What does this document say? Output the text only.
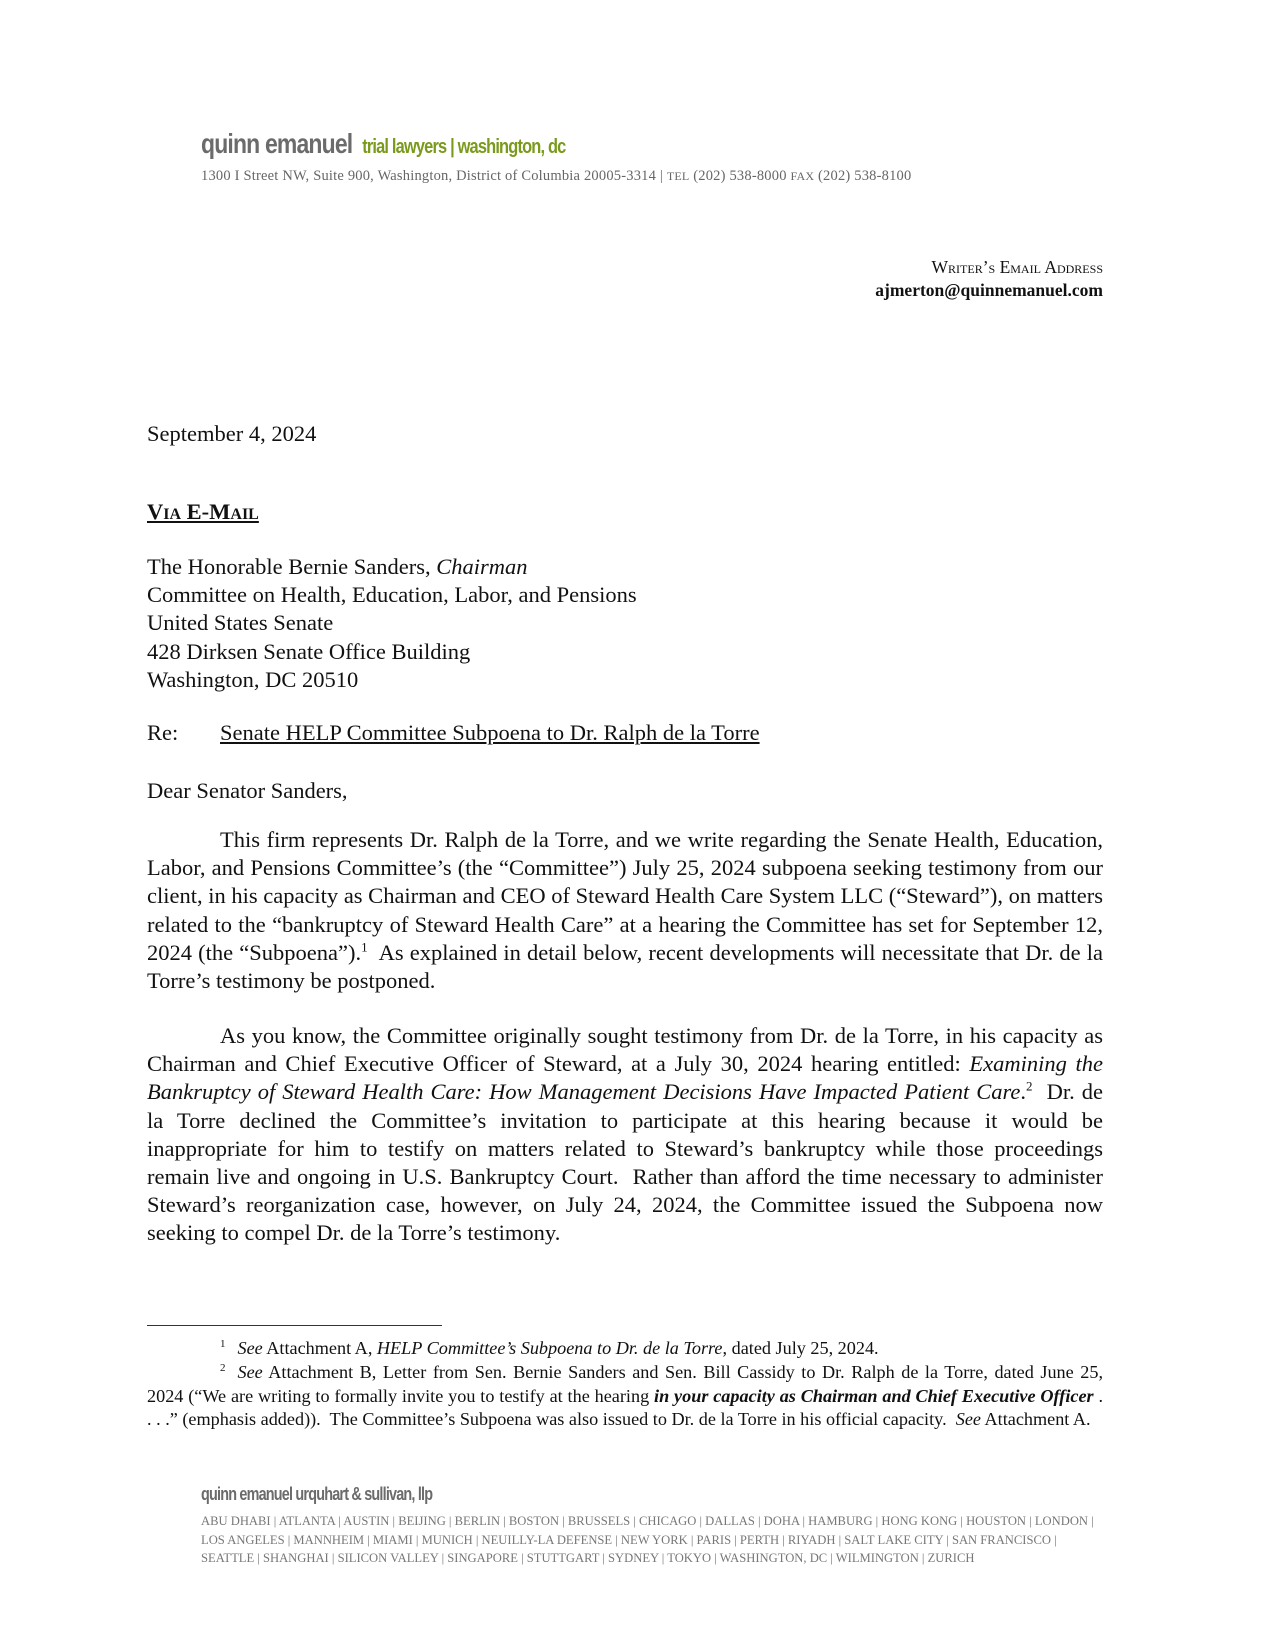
quinn emanuel trial lawyers | washington, dc
1300 I Street NW, Suite 900, Washington, District of Columbia 20005-3314 | TEL (202) 538-8000 FAX (202) 538-8100
Writer’s Email Address
ajmerton@quinnemanuel.com
September 4, 2024
Via E-Mail
The Honorable Bernie Sanders, Chairman
Committee on Health, Education, Labor, and Pensions
United States Senate
428 Dirksen Senate Office Building
Washington, DC 20510
Re: Senate HELP Committee Subpoena to Dr. Ralph de la Torre
Dear Senator Sanders,
This firm represents Dr. Ralph de la Torre, and we write regarding the Senate Health, Education, Labor, and Pensions Committee’s (the “Committee”) July 25, 2024 subpoena seeking testimony from our client, in his capacity as Chairman and CEO of Steward Health Care System LLC (“Steward”), on matters related to the “bankruptcy of Steward Health Care” at a hearing the Committee has set for September 12, 2024 (the “Subpoena”).$^1$  As explained in detail below, recent developments will necessitate that Dr. de la Torre’s testimony be postponed.
As you know, the Committee originally sought testimony from Dr. de la Torre, in his capacity as Chairman and Chief Executive Officer of Steward, at a July 30, 2024 hearing entitled: Examining the Bankruptcy of Steward Health Care: How Management Decisions Have Impacted Patient Care.$^2$  Dr. de la Torre declined the Committee’s invitation to participate at this hearing because it would be inappropriate for him to testify on matters related to Steward’s bankruptcy while those proceedings remain live and ongoing in U.S. Bankruptcy Court.  Rather than afford the time necessary to administer Steward’s reorganization case, however, on July 24, 2024, the Committee issued the Subpoena now seeking to compel Dr. de la Torre’s testimony.
$^1$ See Attachment A, HELP Committee’s Subpoena to Dr. de la Torre, dated July 25, 2024.
$^2$ See Attachment B, Letter from Sen. Bernie Sanders and Sen. Bill Cassidy to Dr. Ralph de la Torre, dated June 25, 2024 (“We are writing to formally invite you to testify at the hearing in your capacity as Chairman and Chief Executive Officer . . . .” (emphasis added)).  The Committee’s Subpoena was also issued to Dr. de la Torre in his official capacity.  See Attachment A.
quinn emanuel urquhart & sullivan, llp
ABU DHABI | ATLANTA | AUSTIN | BEIJING | BERLIN | BOSTON | BRUSSELS | CHICAGO | DALLAS | DOHA | HAMBURG | HONG KONG | HOUSTON | LONDON |
LOS ANGELES | MANNHEIM | MIAMI | MUNICH | NEUILLY-LA DEFENSE | NEW YORK | PARIS | PERTH | RIYADH | SALT LAKE CITY | SAN FRANCISCO |
SEATTLE | SHANGHAI | SILICON VALLEY | SINGAPORE | STUTTGART | SYDNEY | TOKYO | WASHINGTON, DC | WILMINGTON | ZURICH
